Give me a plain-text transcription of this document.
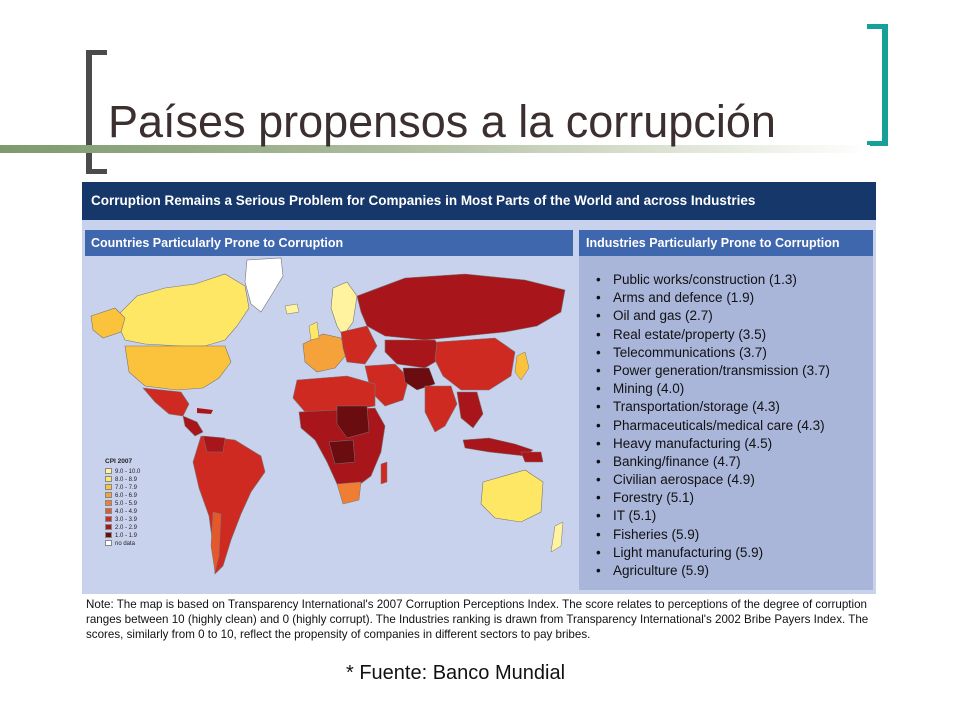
Países propensos a la corrupción
Corruption Remains a Serious Problem for Companies in Most Parts of the World and across Industries
Countries Particularly Prone to Corruption
CPI 2007
9.0 - 10.0
8.0 - 8.9
7.0 - 7.9
6.0 - 6.9
5.0 - 5.9
4.0 - 4.9
3.0 - 3.9
2.0 - 2.9
1.0 - 1.9
no data
Industries Particularly Prone to Corruption
• Public works/construction (1.3)
• Arms and defence (1.9)
• Oil and gas (2.7)
• Real estate/property (3.5)
• Telecommunications (3.7)
• Power generation/transmission (3.7)
• Mining (4.0)
• Transportation/storage (4.3)
• Pharmaceuticals/medical care (4.3)
• Heavy manufacturing (4.5)
• Banking/finance (4.7)
• Civilian aerospace (4.9)
• Forestry (5.1)
• IT (5.1)
• Fisheries (5.9)
• Light manufacturing (5.9)
• Agriculture (5.9)
Note: The map is based on Transparency International's 2007 Corruption Perceptions Index. The score relates to perceptions of the degree of corruption ranges between 10 (highly clean) and 0 (highly corrupt). The Industries ranking is drawn from Transparency International's 2002 Bribe Payers Index. The scores, similarly from 0 to 10, reflect the propensity of companies in different sectors to pay bribes.
* Fuente: Banco Mundial
